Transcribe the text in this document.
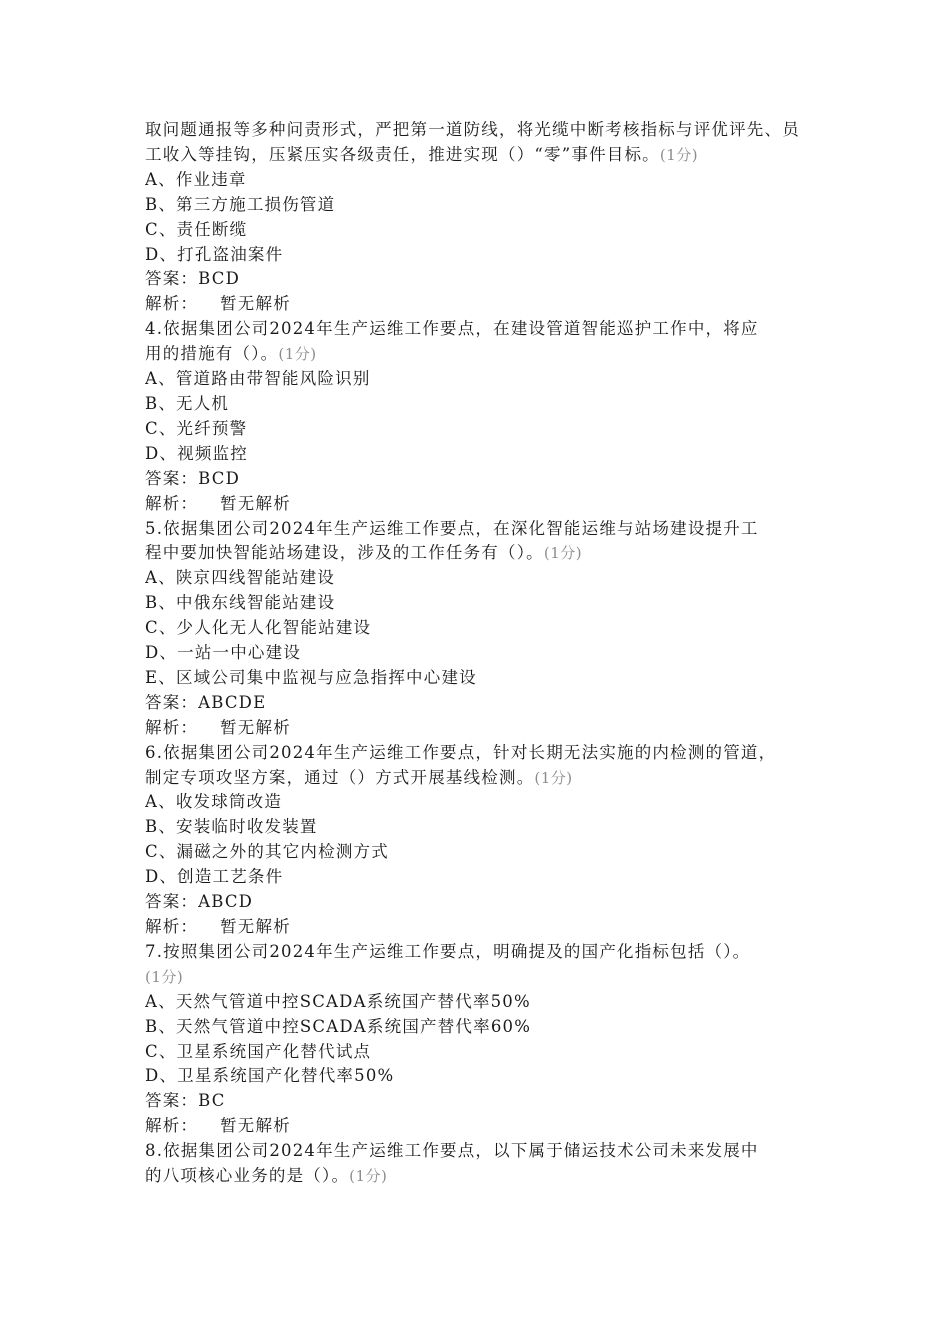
取问题通报等多种问责形式，严把第一道防线，将光缆中断考核指标与评优评先、员工收入等挂钩，压紧压实各级责任，推进实现（）“零”事件目标。(1分)
A、作业违章
B、第三方施工损伤管道
C、责任断缆
D、打孔盗油案件
答案：BCD
解析： 暂无解析
4.依据集团公司2024年生产运维工作要点，在建设管道智能巡护工作中，将应
用的措施有（）。(1分)
A、管道路由带智能风险识别
B、无人机
C、光纤预警
D、视频监控
答案：BCD
解析： 暂无解析
5.依据集团公司2024年生产运维工作要点，在深化智能运维与站场建设提升工
程中要加快智能站场建设，涉及的工作任务有（）。(1分)
A、陕京四线智能站建设
B、中俄东线智能站建设
C、少人化无人化智能站建设
D、一站一中心建设
E、区域公司集中监视与应急指挥中心建设
答案：ABCDE
解析： 暂无解析
6.依据集团公司2024年生产运维工作要点，针对长期无法实施的内检测的管道，
制定专项攻坚方案，通过（）方式开展基线检测。(1分)
A、收发球筒改造
B、安装临时收发装置
C、漏磁之外的其它内检测方式
D、创造工艺条件
答案：ABCD
解析： 暂无解析
7.按照集团公司2024年生产运维工作要点，明确提及的国产化指标包括（）。
(1分)
A、天然气管道中控SCADA系统国产替代率50%
B、天然气管道中控SCADA系统国产替代率60%
C、卫星系统国产化替代试点
D、卫星系统国产化替代率50%
答案：BC
解析： 暂无解析
8.依据集团公司2024年生产运维工作要点，以下属于储运技术公司未来发展中
的八项核心业务的是（）。(1分)
